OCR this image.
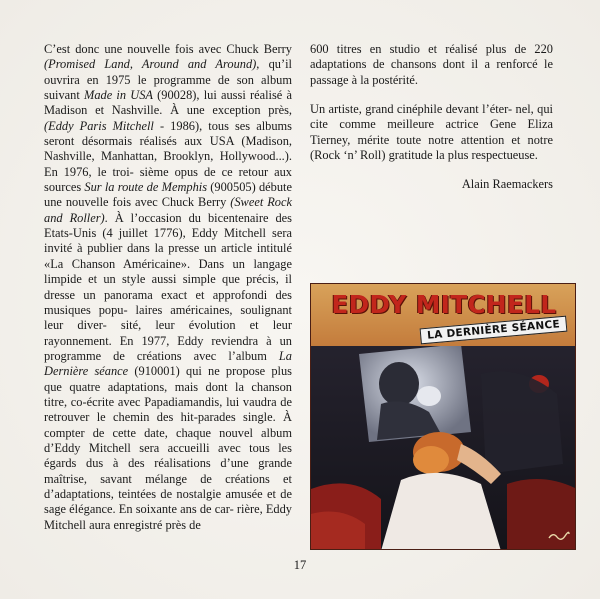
C’est donc une nouvelle fois avec Chuck Berry (Promised Land, Around and Around), qu’il ouvrira en 1975 le programme de son album suivant Made in USA (90028), lui aussi réalisé à Madison et Nashville. À une exception près, (Eddy Paris Mitchell - 1986), tous ses albums seront désormais réalisés aux USA (Madison, Nashville, Manhattan, Brooklyn, Hollywood...). En 1976, le troi- sième opus de ce retour aux sources Sur la route de Memphis (900505) débute une nouvelle fois avec Chuck Berry (Sweet Rock and Roller). À l’occasion du bicentenaire des Etats-Unis (4 juillet 1776), Eddy Mitchell sera invité à publier dans la presse un article intitulé «La Chanson Américaine». Dans un langage limpide et un style aussi simple que précis, il dresse un panorama exact et approfondi des musiques popu- laires américaines, soulignant leur diver- sité, leur évolution et leur rayonnement. En 1977, Eddy reviendra à un programme de créations avec l’album La Dernière séance (910001) qui ne propose plus que quatre adaptations, mais dont la chanson titre, co-écrite avec Papadiamandis, lui vaudra de retrouver le chemin des hit-parades single. À compter de cette date, chaque nouvel album d’Eddy Mitchell sera accueilli avec tous les égards dus à des réalisations d’une grande maîtrise, savant mélange de créations et d’adaptations, teintées de nostalgie amusée et de sage élégance. En soixante ans de car- rière, Eddy Mitchell aura enregistré près de

600 titres en studio et réalisé plus de 220 adaptations de chansons dont il a renforcé le passage à la postérité.

Un artiste, grand cinéphile devant l’éter- nel, qui cite comme meilleure actrice Gene Eliza Tierney, mérite toute notre attention et notre (Rock ‘n’ Roll) gratitude la plus respectueuse.

Alain Raemackers

EDDY MITCHELL
LA DERNIÈRE SÉANCE
17
